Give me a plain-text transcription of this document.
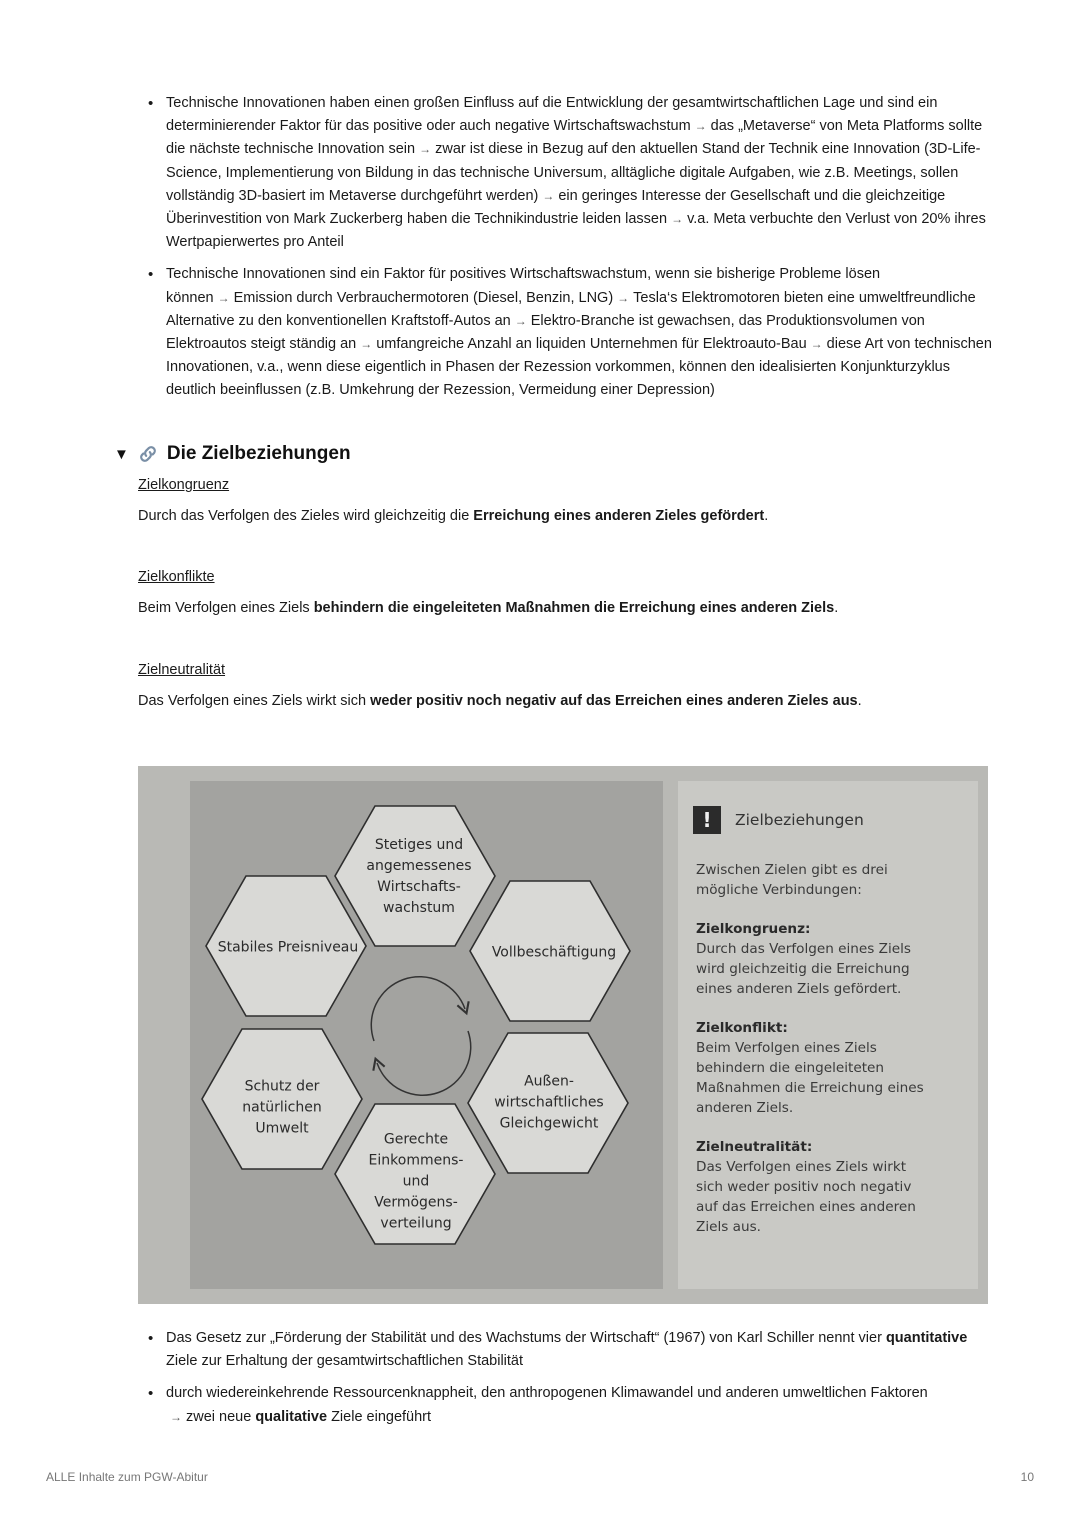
• Technische Innovationen haben einen großen Einfluss auf die Entwicklung der gesamtwirtschaftlichen Lage und sind ein determinierender Faktor für das positive oder auch negative Wirtschaftswachstum → das „Metaverse“ von Meta Platforms sollte die nächste technische Innovation sein → zwar ist diese in Bezug auf den aktuellen Stand der Technik eine Innovation (3D-Life-Science, Implementierung von Bildung in das technische Universum, alltägliche digitale Aufgaben, wie z.B. Meetings, sollen vollständig 3D-basiert im Metaverse durchgeführt werden) → ein geringes Interesse der Gesellschaft und die gleichzeitige Überinvestition von Mark Zuckerberg haben die Technikindustrie leiden lassen → v.a. Meta verbuchte den Verlust von 20% ihres Wertpapierwertes pro Anteil
• Technische Innovationen sind ein Faktor für positives Wirtschaftswachstum, wenn sie bisherige Probleme lösen können → Emission durch Verbrauchermotoren (Diesel, Benzin, LNG) → Tesla‘s Elektromotoren bieten eine umweltfreundliche Alternative zu den konventionellen Kraftstoff-Autos an → Elektro-Branche ist gewachsen, das Produktionsvolumen von Elektroautos steigt ständig an → umfangreiche Anzahl an liquiden Unternehmen für Elektroauto-Bau → diese Art von technischen Innovationen, v.a., wenn diese eigentlich in Phasen der Rezession vorkommen, können den idealisierten Konjunkturzyklus deutlich beeinflussen (z.B. Umkehrung der Rezession, Vermeidung einer Depression)
▼ Die Zielbeziehungen
Zielkongruenz
Durch das Verfolgen des Zieles wird gleichzeitig die Erreichung eines anderen Zieles gefördert.
Zielkonflikte
Beim Verfolgen eines Ziels behindern die eingeleiteten Maßnahmen die Erreichung eines anderen Ziels.
Zielneutralität
Das Verfolgen eines Ziels wirkt sich weder positiv noch negativ auf das Erreichen eines anderen Zieles aus.
Stetiges und
angemessenes
Wirtschafts-
wachstum
Stabiles Preisniveau	Vollbeschäftigung
Schutz der
natürlichen
Umwelt
Außen-
wirtschaftliches
Gleichgewicht
Gerechte
Einkommens-
und
Vermögens-
verteilung
!	Zielbeziehungen
Zwischen Zielen gibt es drei
mögliche Verbindungen:
Zielkongruenz:
Durch das Verfolgen eines Ziels
wird gleichzeitig die Erreichung
eines anderen Ziels gefördert.
Zielkonflikt:
Beim Verfolgen eines Ziels
behindern die eingeleiteten
Maßnahmen die Erreichung eines
anderen Ziels.
Zielneutralität:
Das Verfolgen eines Ziels wirkt
sich weder positiv noch negativ
auf das Erreichen eines anderen
Ziels aus.
• Das Gesetz zur „Förderung der Stabilität und des Wachstums der Wirtschaft“ (1967) von Karl Schiller nennt vier quantitative Ziele zur Erhaltung der gesamtwirtschaftlichen Stabilität
• durch wiedereinkehrende Ressourcenknappheit, den anthropogenen Klimawandel und anderen umweltlichen Faktoren
→ zwei neue qualitative Ziele eingeführt
ALLE Inhalte zum PGW-Abitur	10
